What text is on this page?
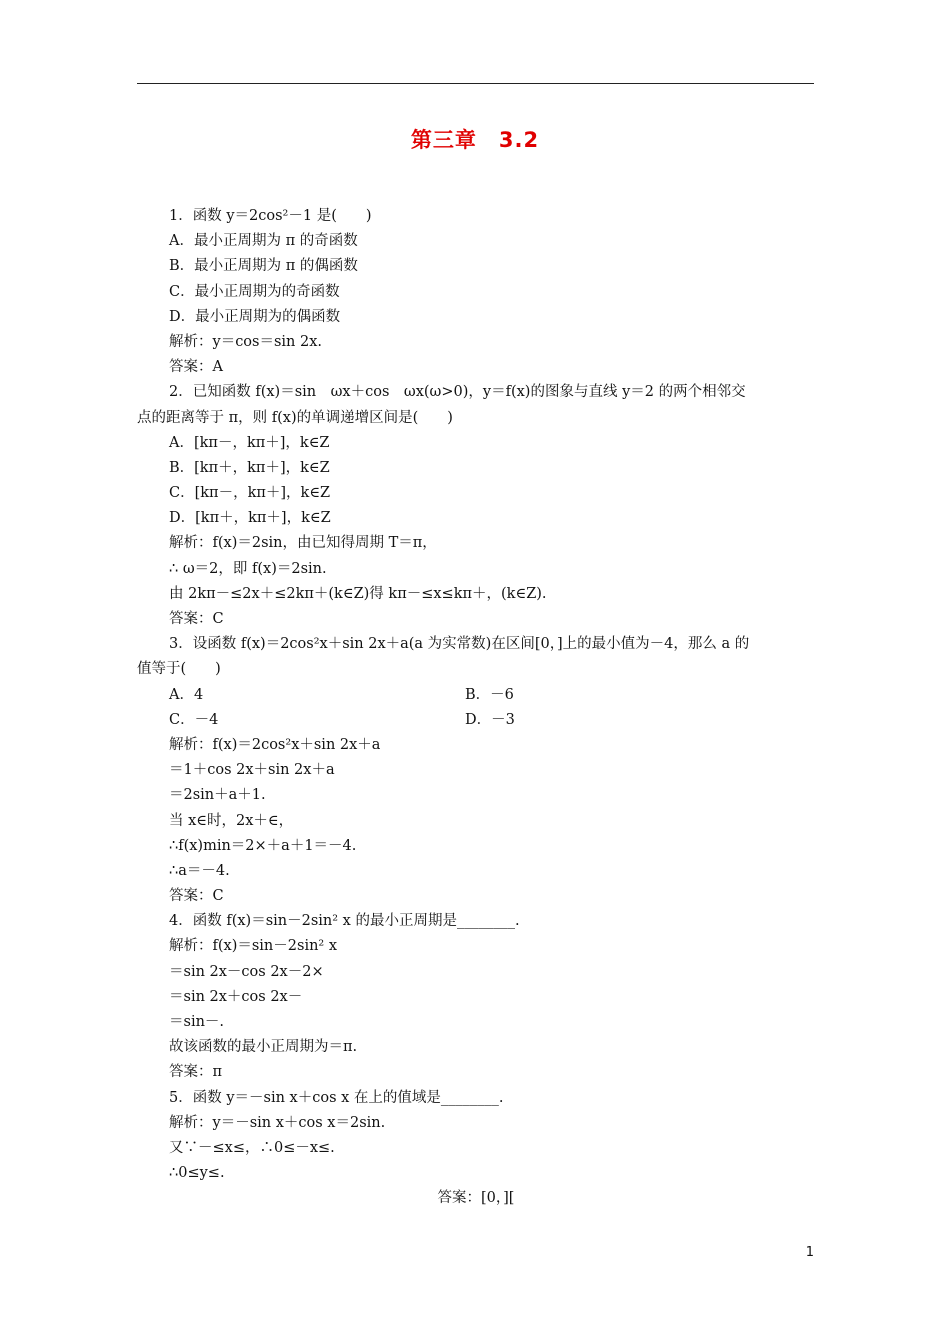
第三章　3.2
1．函数 y＝2cos²－1 是(　　)
A．最小正周期为 π 的奇函数
B．最小正周期为 π 的偶函数
C．最小正周期为的奇函数
D．最小正周期为的偶函数
解析：y＝cos＝sin 2x.
答案：A
2．已知函数 f(x)＝sin　ωx＋cos　ωx(ω>0)，y＝f(x)的图象与直线 y＝2 的两个相邻交
点的距离等于 π，则 f(x)的单调递增区间是(　　)
A．[kπ－，kπ＋]，k∈Z
B．[kπ＋，kπ＋]，k∈Z
C．[kπ－，kπ＋]，k∈Z
D．[kπ＋，kπ＋]，k∈Z
解析：f(x)＝2sin，由已知得周期 T＝π，
∴ ω＝2，即 f(x)＝2sin.
由 2kπ－≤2x＋≤2kπ＋(k∈Z)得 kπ－≤x≤kπ＋，(k∈Z).
答案：C
3．设函数 f(x)＝2cos²x＋sin 2x＋a(a 为实常数)在区间[0，]上的最小值为－4，那么 a 的
值等于(　　)
A．4	B．－6
C．－4	D．－3
解析：f(x)＝2cos²x＋sin 2x＋a
＝1＋cos 2x＋sin 2x＋a
＝2sin＋a＋1.
当 x∈时，2x＋∈，
∴f(x)min＝2×＋a＋1＝－4.
∴a＝－4.
答案：C
4．函数 f(x)＝sin－2sin² x 的最小正周期是________.
解析：f(x)＝sin－2sin² x
＝sin 2x－cos 2x－2×
＝sin 2x＋cos 2x－
＝sin－.
故该函数的最小正周期为＝π.
答案：π
5．函数 y＝－sin x＋cos x 在上的值域是________.
解析：y＝－sin x＋cos x＝2sin.
又∵－≤x≤，∴0≤－x≤.
∴0≤y≤.
答案：[0，][
1
